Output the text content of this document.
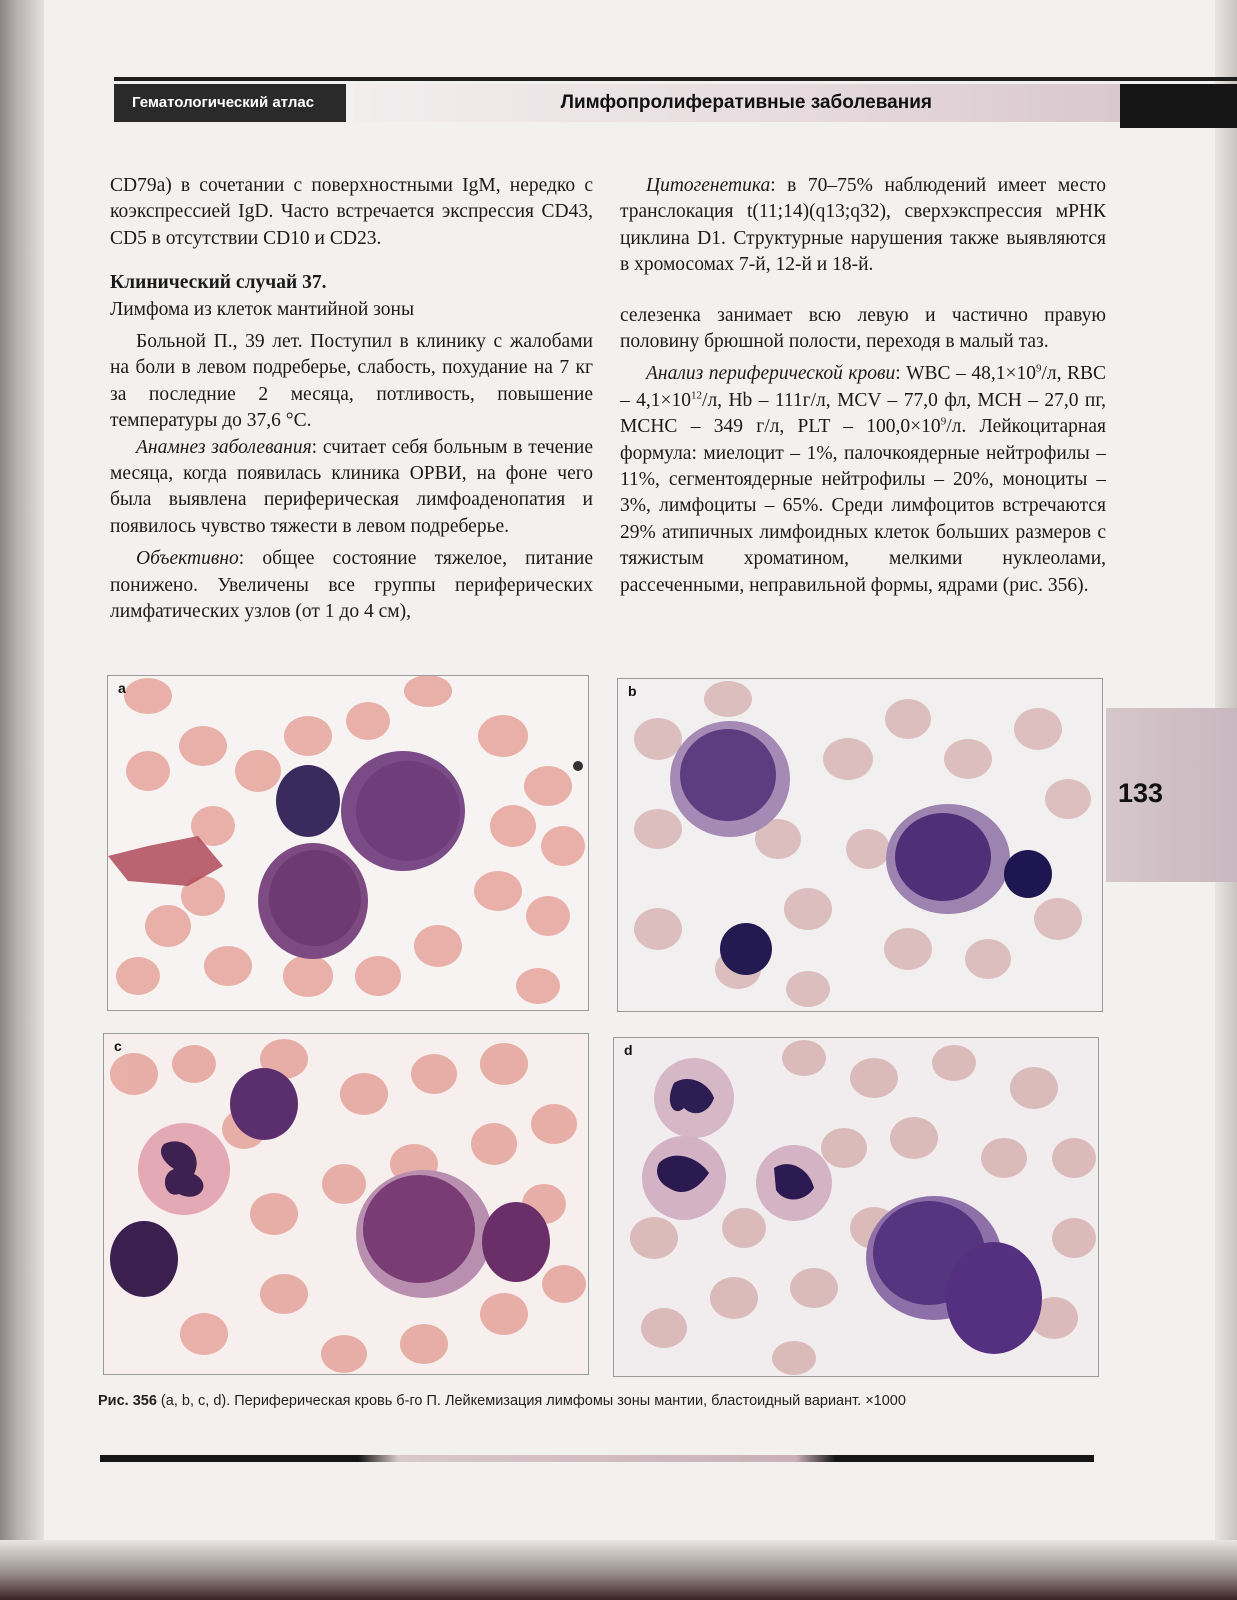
Гематологический атлас	Лимфопролиферативные заболевания

CD79a) в сочетании с поверхностными IgM, нередко с коэкспрессией IgD. Часто встречается экспрессия CD43, CD5 в отсутствии CD10 и CD23.

Клинический случай 37.

Лимфома из клеток мантийной зоны

Больной П., 39 лет. Поступил в клинику с жалобами на боли в левом подреберье, слабость, похудание на 7 кг за последние 2 месяца, потливость, повышение температуры до 37,6 °С.

Анамнез заболевания: считает себя больным в течение месяца, когда появилась клиника ОРВИ, на фоне чего была выявлена периферическая лимфоаденопатия и появилось чувство тяжести в левом подреберье.

Объективно: общее состояние тяжелое, питание понижено. Увеличены все группы периферических лимфатических узлов (от 1 до 4 см),

Цитогенетика: в 70–75% наблюдений имеет место транслокация t(11;14)(q13;q32), сверхэкспрессия мРНК циклина D1. Структурные нарушения также выявляются в хромосомах 7-й, 12-й и 18-й.

селезенка занимает всю левую и частично правую половину брюшной полости, переходя в малый таз.

Анализ периферической крови: WBC – $48,1\times 10^9/л$, RBC – $4,1\times 10^{12}/л$, Hb – 111г/л, MCV – 77,0 фл, MCH – 27,0 пг, MCHC – 349 г/л, PLT – $100,0\times 10^9/л$. Лейкоцитарная формула: миелоцит – 1%, палочкоядерные нейтрофилы – 11%, сегментоядерные нейтрофилы – 20%, моноциты – 3%, лимфоциты – 65%. Среди лимфоцитов встречаются 29% атипичных лимфоидных клеток больших размеров с тяжистым хроматином, мелкими нуклеолами, рассеченными, неправильной формы, ядрами (рис. 356).

133
a	b
c	d
Рис. 356 (a, b, c, d). Периферическая кровь б-го П. Лейкемизация лимфомы зоны мантии, бластоидный вариант. ×1000
